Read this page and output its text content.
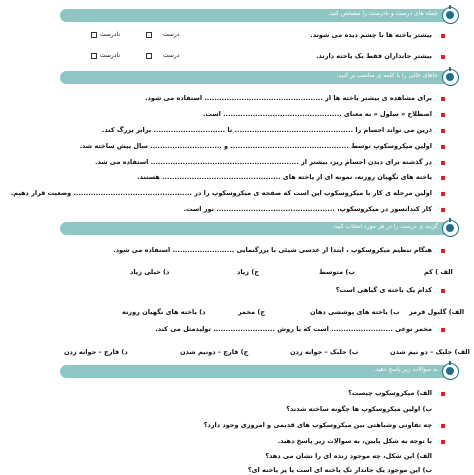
جمله های درست و نادرست را مشخص کنید.
بیشتر یاخته ها با چشم دیده می شوند.
درست
نادرست
بیشتر جانداران فقط یک یاخته دارند.
درست
نادرست
جاهای خالی را با کلمه ی مناسب پر کنید.
برای مشاهده ی بیشتر یاخته ها از ................................................ استفاده می شود.
اصطلاح « سلول » به معنای ................................................ است.
ذرین می تواند اجسام را ................................................ تا ............................. برابر بزرگ کند.
اولین میکروسکوپ توسط ................................................ و ............................. سال پیش ساخته شد.
در گذشته برای دیدن اجسام ریز، بیشتر از ............................................................ استفاده می شد.
یاخته های نگهبان روزنه، نمونه ای از یاخته های ................................................ هستند.
اولین مرحله ی کار با میکروسکوپ این است که صفحه ی میکروسکوپ را در ................................................ وضعیت قرار دهیم.
کار کندانسور در میکروسکوپ، ................................................ نور است.
گزینه ی درست را در هر مورد انتخاب کنید.
هنگام تنظیم میکروسکوپ ، ابتدا از عدسی شیئی با بزرگنمایی ......................... استفاده می شود.
الف ) کم
ب) متوسط
ج) زیاد
د) خیلی زیاد
کدام یک یاخته ی گیاهی است؟
الف) گلبول قرمز
ب) یاخته های پوششی دهان
ج) مخمر
د) یاخته های نگهبان روزنه
مخمر نوعی ......................... است که با روش ......................... تولیدمثل می کند.
الف) جلبک – دو نیم شدن
ب) جلبک – جوانه زدن
ج) قارچ – دونیم شدن
د) قارچ – جوانه زدن
به سوالات زیر پاسخ دهید.
الف) میکروسکوپ چیست؟
ب) اولین میکروسکوپ ها چگونه ساخته شدند؟
چه تفاوتی وشباهتی بین میکروسکوپ های قدیمی و امروزی وجود دارد؟
با توجه به شکل پایین، به سوالات زیر پاسخ دهید.
الف) این شکل، چه موجود زنده ای را نشان می دهد؟
ب) این موجود یک جاندار تک یاخته ای است یا پر یاخته ای؟
